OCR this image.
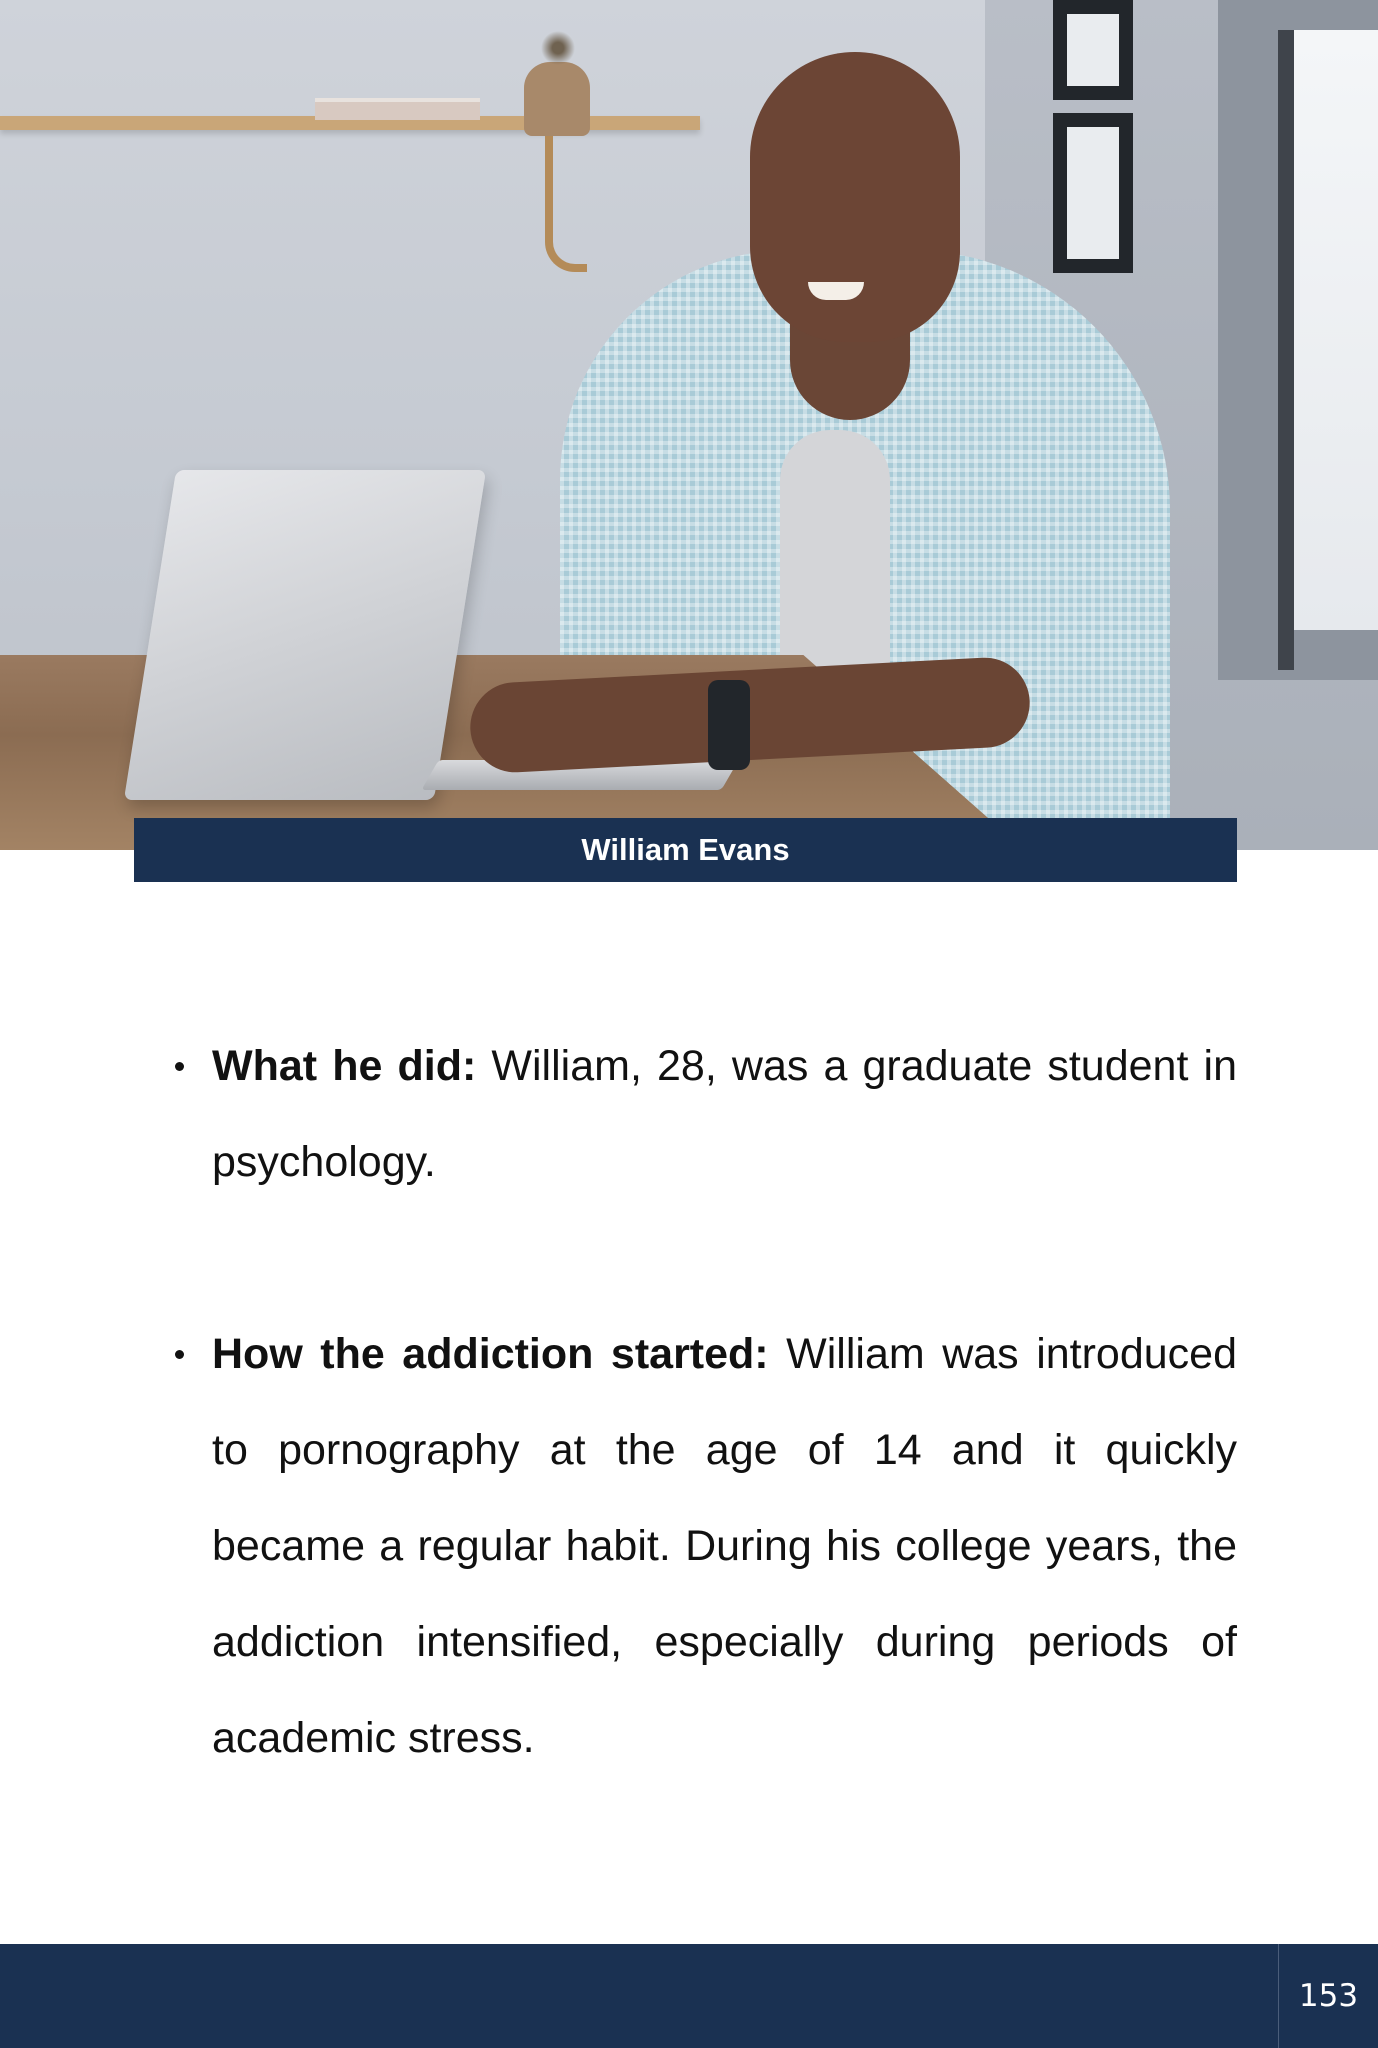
William Evans
What he did: William, 28, was a graduate student in psychology.
How the addiction started: William was introduced to pornography at the age of 14 and it quickly became a regular habit. During his college years, the addiction intensified, especially during periods of academic stress.
153
